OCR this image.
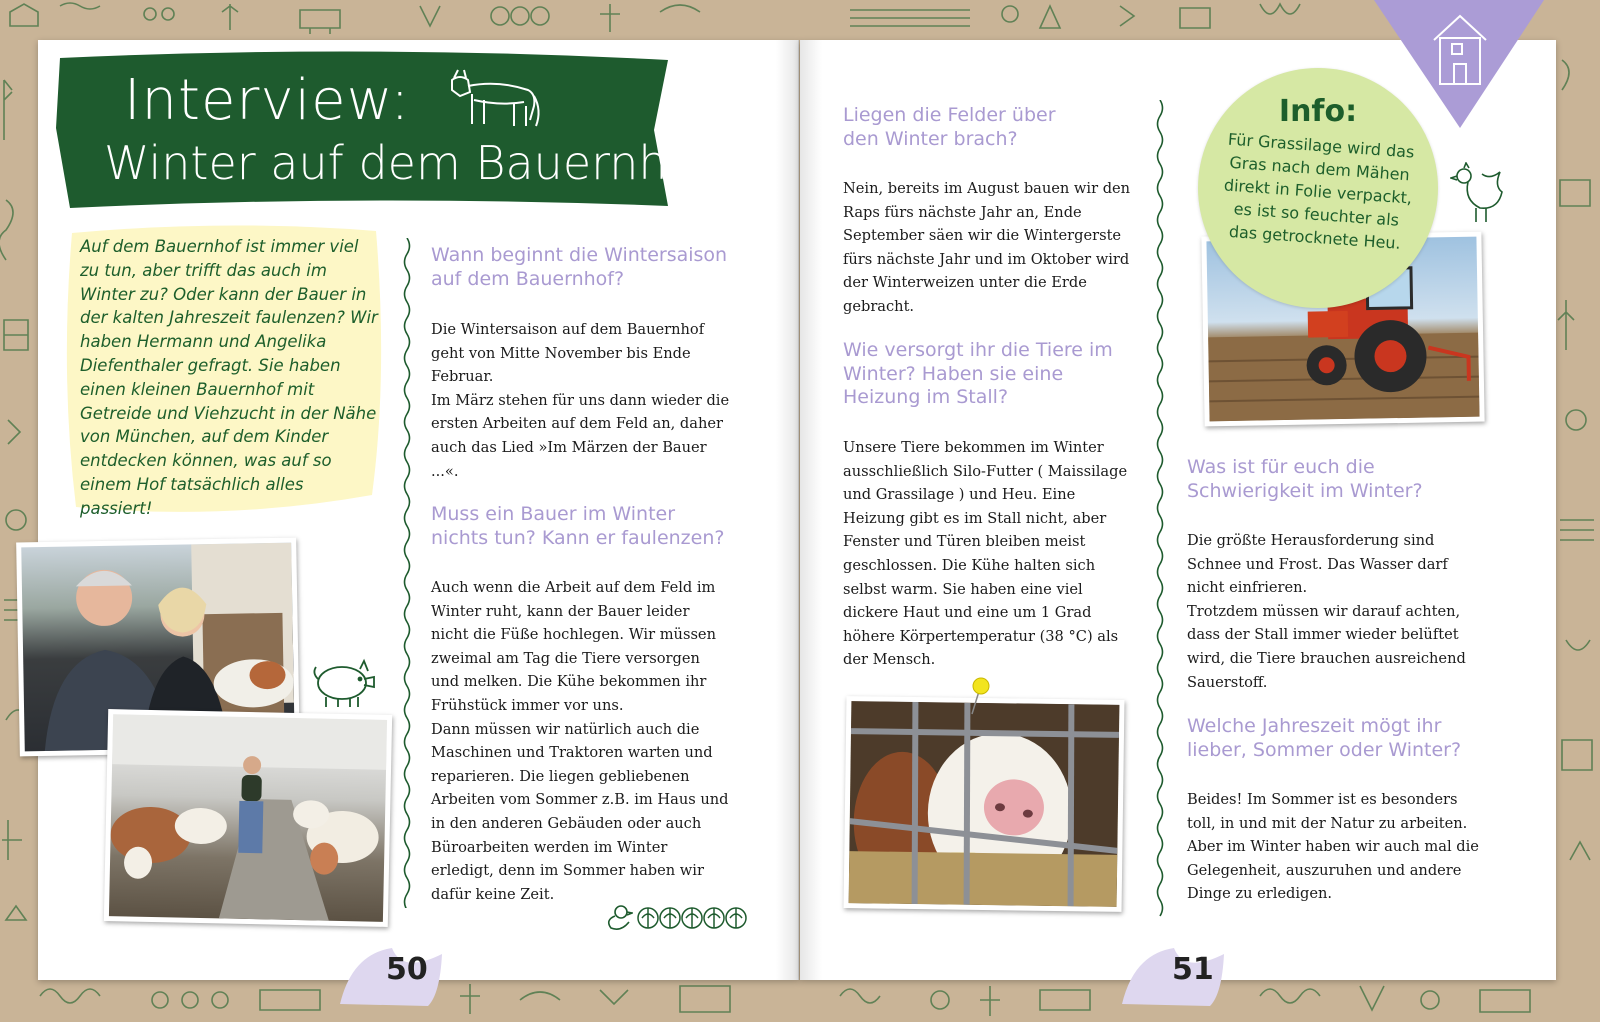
Interview:
Winter auf dem Bauernhof

Auf dem Bauernhof ist immer viel zu tun, aber trifft das auch im Winter zu? Oder kann der Bauer in der kalten Jahreszeit faulenzen? Wir haben Hermann und Angelika Diefenthaler gefragt. Sie haben einen kleinen Bauernhof mit Getreide und Viehzucht in der Nähe von München, auf dem Kinder entdecken können, was auf so einem Hof tatsächlich alles passiert!

Wann beginnt die Wintersaison auf dem Bauernhof?

Die Wintersaison auf dem Bauernhof geht von Mitte November bis Ende Februar.
Im März stehen für uns dann wieder die ersten Arbeiten auf dem Feld an, daher auch das Lied »Im Märzen der Bauer ...«.

Muss ein Bauer im Winter nichts tun? Kann er faulenzen?

Auch wenn die Arbeit auf dem Feld im Winter ruht, kann der Bauer leider nicht die Füße hochlegen. Wir müssen zweimal am Tag die Tiere versorgen und melken. Die Kühe bekommen ihr Frühstück immer vor uns.
Dann müssen wir natürlich auch die Maschinen und Traktoren warten und reparieren. Die liegen gebliebenen Arbeiten vom Sommer z.B. im Haus und in den anderen Gebäuden oder auch Büroarbeiten werden im Winter erledigt, denn im Sommer haben wir dafür keine Zeit.

50
Liegen die Felder über den Winter brach?

Nein, bereits im August bauen wir den Raps fürs nächste Jahr an, Ende September säen wir die Wintergerste fürs nächste Jahr und im Oktober wird der Winterweizen unter die Erde gebracht.

Wie versorgt ihr die Tiere im Winter? Haben sie eine Heizung im Stall?

Unsere Tiere bekommen im Winter ausschließlich Silo-Futter ( Maissilage und Grassilage ) und Heu. Eine Heizung gibt es im Stall nicht, aber Fenster und Türen bleiben meist geschlossen. Die Kühe halten sich selbst warm. Sie haben eine viel dickere Haut und eine um 1 Grad höhere Körpertemperatur (38 °C) als der Mensch.

Info:

Für Grassilage wird das Gras nach dem Mähen direkt in Folie verpackt, es ist so feuchter als das getrocknete Heu.

Was ist für euch die Schwierigkeit im Winter?

Die größte Herausforderung sind Schnee und Frost. Das Wasser darf nicht einfrieren.
Trotzdem müssen wir darauf achten, dass der Stall immer wieder belüftet wird, die Tiere brauchen ausreichend Sauerstoff.

Welche Jahreszeit mögt ihr lieber, Sommer oder Winter?

Beides! Im Sommer ist es besonders toll, in und mit der Natur zu arbeiten. Aber im Winter haben wir auch mal die Gelegenheit, auszuruhen und andere Dinge zu erledigen.

51
